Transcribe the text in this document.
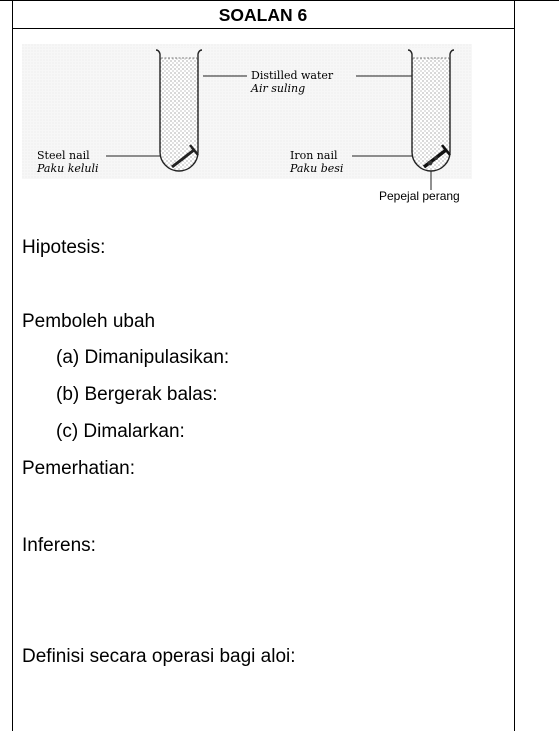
SOALAN 6
Distilled water
Air suling
Steel nail
Paku keluli
Iron nail
Paku besi
Pepejal perang
Hipotesis:
Pemboleh ubah
(a) Dimanipulasikan:
(b) Bergerak balas:
(c) Dimalarkan:
Pemerhatian:
Inferens:
Definisi secara operasi bagi aloi:
